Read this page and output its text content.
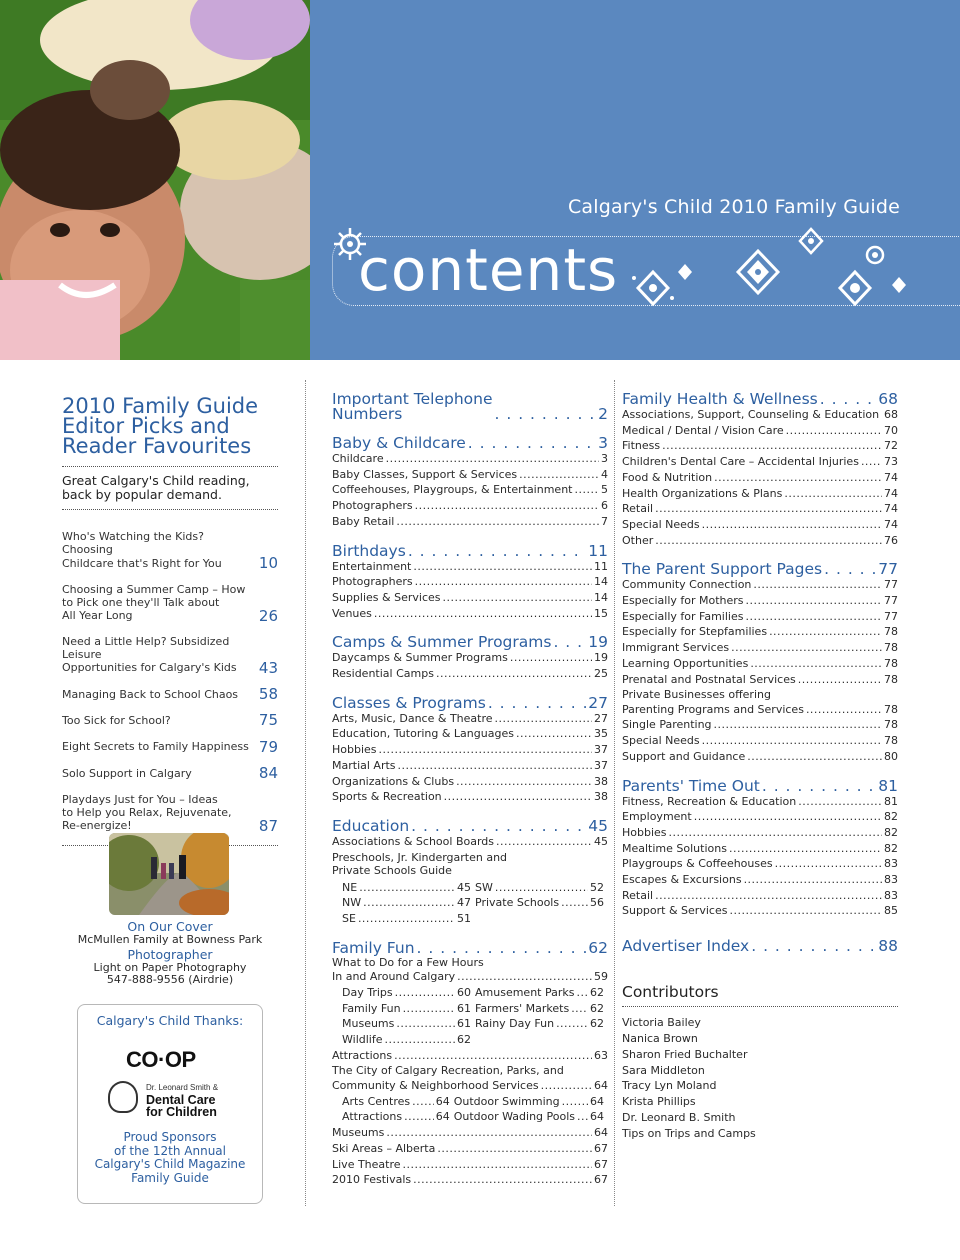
Calgary's Child 2010 Family Guide
contents
2010 Family Guide
Editor Picks and
Reader Favourites
Great Calgary's Child reading,
back by popular demand.
Who's Watching the Kids? Choosing
Childcare that's Right for You	10
Choosing a Summer Camp – How
to Pick one they'll Talk about
All Year Long	26
Need a Little Help? Subsidized Leisure
Opportunities for Calgary's Kids	43
Managing Back to School Chaos	58
Too Sick for School?	75
Eight Secrets to Family Happiness 79
Solo Support in Calgary	84
Playdays Just for You – Ideas
to Help you Relax, Rejuvenate,
Re-energize!	87
On Our Cover
McMullen Family at Bowness Park
Photographer
Light on Paper Photography
547-888-9556 (Airdrie)
Calgary's Child Thanks:
CO·OP
Dr. Leonard Smith &
Dental Care
for Children
Proud Sponsors
of the 12th Annual
Calgary's Child Magazine
Family Guide
Important Telephone
Numbers . . .	2
Baby & Childcare . . .	3
Childcare .....	3
Baby Classes, Support & Services .....	4
Coffeehouses, Playgroups, & Entertainment .....	5
Photographers .....	6
Baby Retail .....	7
Birthdays . . .	11
Entertainment .....	11
Photographers .....	14
Supplies & Services .....	14
Venues .....	15
Camps & Summer Programs . . . 19
Daycamps & Summer Programs .....	19
Residential Camps .....	25
Classes & Programs . . .	27
Arts, Music, Dance & Theatre .....	27
Education, Tutoring & Languages .....	35
Hobbies .....	37
Martial Arts .....	37
Organizations & Clubs .....	38
Sports & Recreation .....	38
Education . . .	45
Associations & School Boards .....	45
Preschools, Jr. Kindergarten and
Private Schools Guide
NE .....	45 SW .....	52
NW .....	47 Private Schools .....	56
SE .....	51
Family Fun . . .	62
What to Do for a Few Hours
In and Around Calgary .....	59
Day Trips .....	60 Amusement Parks ..... 62
Family Fun .....	61 Farmers' Markets ..... 62
Museums .....	61 Rainy Day Fun .....	62
Wildlife .....	62
Attractions .....	63
The City of Calgary Recreation, Parks, and
Community & Neighborhood Services .....	64
Arts Centres ..... 64 Outdoor Swimming .....	64
Attractions .....	64 Outdoor Wading Pools ..... 64
Museums .....	64
Ski Areas – Alberta .....	67
Live Theatre .....	67
2010 Festivals .....	67
Family Health & Wellness . . .	68
Associations, Support, Counseling & Education ..... 68
Medical / Dental / Vision Care .....	70
Fitness .....	72
Children's Dental Care – Accidental Injuries ..... 73
Food & Nutrition .....	74
Health Organizations & Plans .....	74
Retail .....	74
Special Needs .....	74
Other .....	76
The Parent Support Pages . . .	77
Community Connection .....	77
Especially for Mothers .....	77
Especially for Families .....	77
Especially for Stepfamilies .....	78
Immigrant Services .....	78
Learning Opportunities .....	78
Prenatal and Postnatal Services .....	78
Private Businesses offering
Parenting Programs and Services .....	78
Single Parenting .....	78
Special Needs .....	78
Support and Guidance .....	80
Parents' Time Out . . .	81
Fitness, Recreation & Education .....	81
Employment .....	82
Hobbies .....	82
Mealtime Solutions .....	82
Playgroups & Coffeehouses .....	83
Escapes & Excursions .....	83
Retail .....	83
Support & Services .....	85
Advertiser Index . . .	88
Contributors
Victoria Bailey
Nanica Brown
Sharon Fried Buchalter
Sara Middleton
Tracy Lyn Moland
Krista Phillips
Dr. Leonard B. Smith
Tips on Trips and Camps
